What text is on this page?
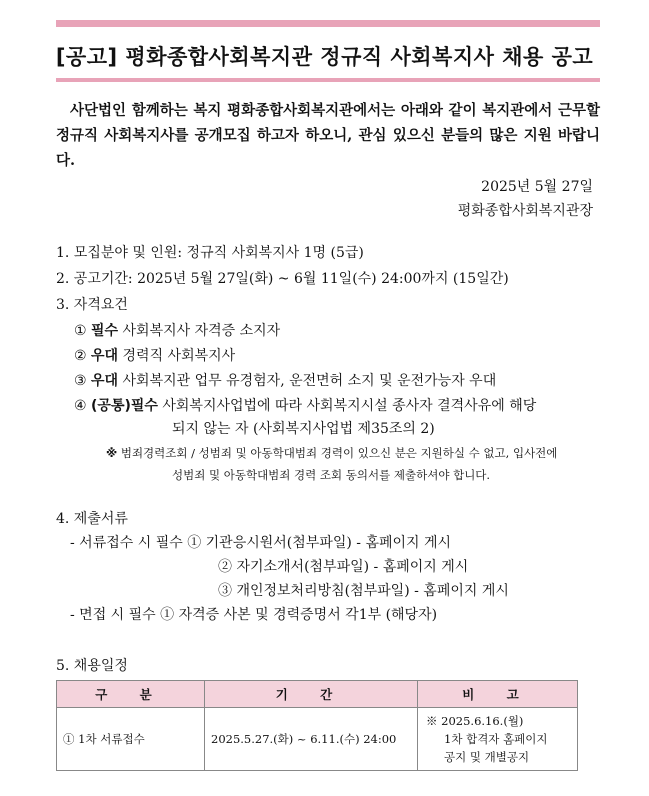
[공고] 평화종합사회복지관 정규직 사회복지사 채용 공고

사단법인 함께하는 복지 평화종합사회복지관에서는 아래와 같이 복지관에서 근무할 정규직 사회복지사를 공개모집 하고자 하오니, 관심 있으신 분들의 많은 지원 바랍니다.

2025년 5월 27일
평화종합사회복지관장
1. 모집분야 및 인원: 정규직 사회복지사 1명 (5급)
2. 공고기간: 2025년 5월 27일(화) ~ 6월 11일(수) 24:00까지 (15일간)
3. 자격요건
① 필수 사회복지사 자격증 소지자
② 우대 경력직 사회복지사
③ 우대 사회복지관 업무 유경험자, 운전면허 소지 및 운전가능자 우대
④ (공통)필수 사회복지사업법에 따라 사회복지시설 종사자 결격사유에 해당
되지 않는 자 (사회복지사업법 제35조의 2)
※ 범죄경력조회 / 성범죄 및 아동학대범죄 경력이 있으신 분은 지원하실 수 없고, 입사전에
성범죄 및 아동학대범죄 경력 조회 동의서를 제출하셔야 합니다.
4. 제출서류
- 서류접수 시 필수 ① 기관응시원서(첨부파일) - 홈페이지 게시
② 자기소개서(첨부파일) - 홈페이지 게시
③ 개인정보처리방침(첨부파일) - 홈페이지 게시
- 면접 시 필수 ① 자격증 사본 및 경력증명서 각1부 (해당자)
5. 채용일정
구 분	기 간	비 고
① 1차 서류접수	2025.5.27.(화) ~ 6.11.(수) 24:00	※ 2025.6.16.(월)
1차 합격자 홈페이지
공지 및 개별공지
